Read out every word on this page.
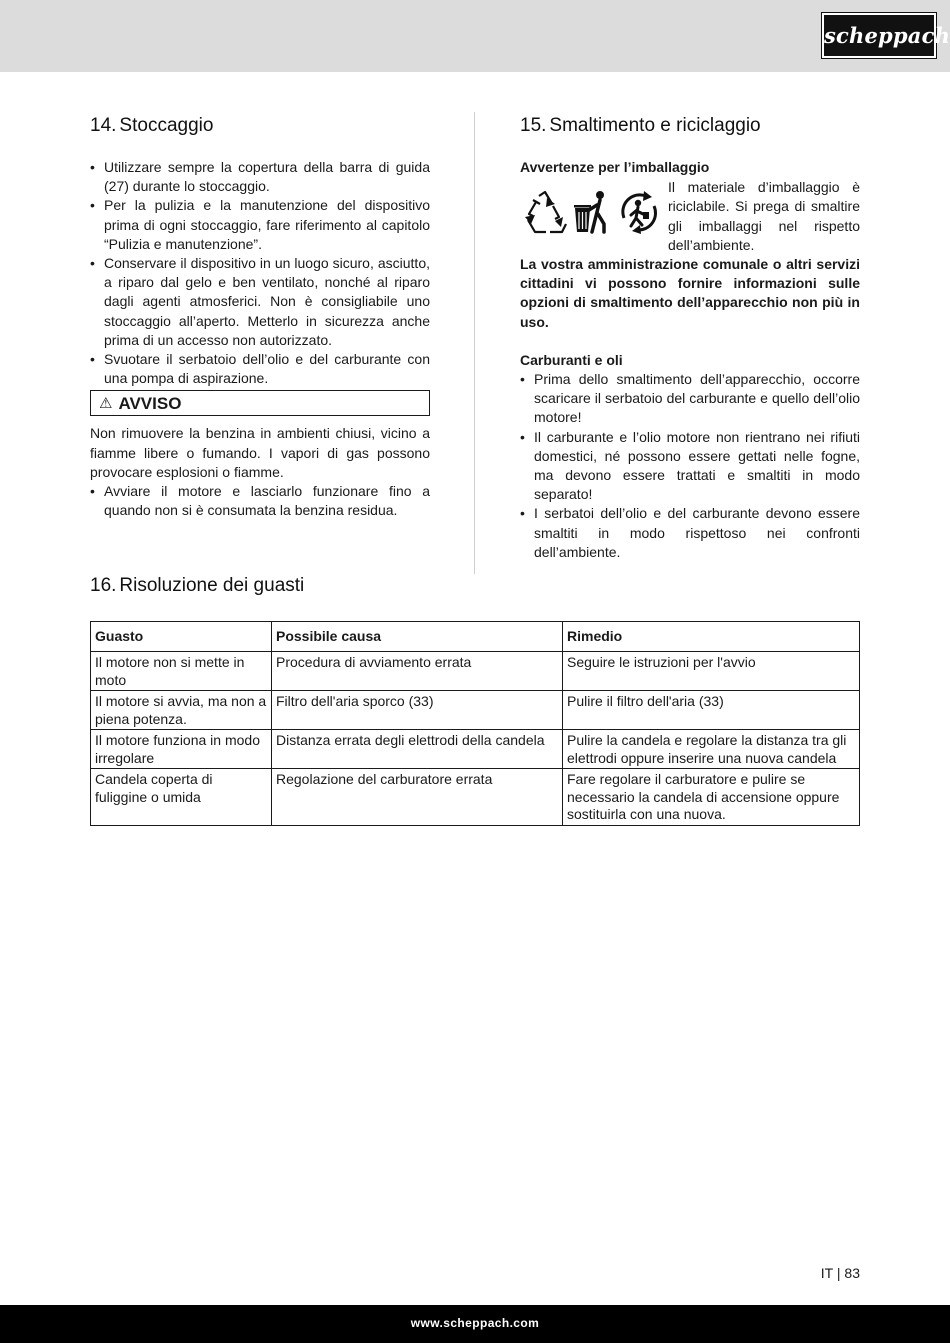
scheppach
14. Stoccaggio
• Utilizzare sempre la copertura della barra di guida (27) durante lo stoccaggio.
• Per la pulizia e la manutenzione del dispositivo prima di ogni stoccaggio, fare riferimento al capitolo “Pulizia e manutenzione”.
• Conservare il dispositivo in un luogo sicuro, asciutto, a riparo dal gelo e ben ventilato, nonché al riparo dagli agenti atmosferici. Non è consigliabile uno stoccaggio all’aperto. Metterlo in sicurezza anche prima di un accesso non autorizzato.
• Svuotare il serbatoio dell’olio e del carburante con una pompa di aspirazione.
⚠ AVVISO

Non rimuovere la benzina in ambienti chiusi, vicino a fiamme libere o fumando. I vapori di gas possono provocare esplosioni o fiamme.

• Avviare il motore e lasciarlo funzionare fino a quando non si è consumata la benzina residua.
15. Smaltimento e riciclaggio

Avvertenze per l’imballaggio

Il materiale d’imballaggio è riciclabile. Si prega di smaltire gli imballaggi nel rispetto dell’ambiente.

La vostra amministrazione comunale o altri servizi cittadini vi possono fornire informazioni sulle opzioni di smaltimento dell’apparecchio non più in uso.

Carburanti e oli

• Prima dello smaltimento dell’apparecchio, occorre scaricare il serbatoio del carburante e quello dell’olio motore!
• Il carburante e l’olio motore non rientrano nei rifiuti domestici, né possono essere gettati nelle fogne, ma devono essere trattati e smaltiti in modo separato!
• I serbatoi dell’olio e del carburante devono essere smaltiti in modo rispettoso nei confronti dell’ambiente.
16. Risoluzione dei guasti
Guasto	Possibile causa	Rimedio
Il motore non si mette in moto	Procedura di avviamento errata	Seguire le istruzioni per l'avvio
Il motore si avvia, ma non a piena potenza.	Filtro dell'aria sporco (33)	Pulire il filtro dell'aria (33)
Il motore funziona in modo irregolare	Distanza errata degli elettrodi della candela	Pulire la candela e regolare la distanza tra gli elettrodi oppure inserire una nuova candela
Candela coperta di fuliggine o umida	Regolazione del carburatore errata	Fare regolare il carburatore e pulire se necessario la candela di accensione oppure sostituirla con una nuova.
IT | 83
www.scheppach.com
